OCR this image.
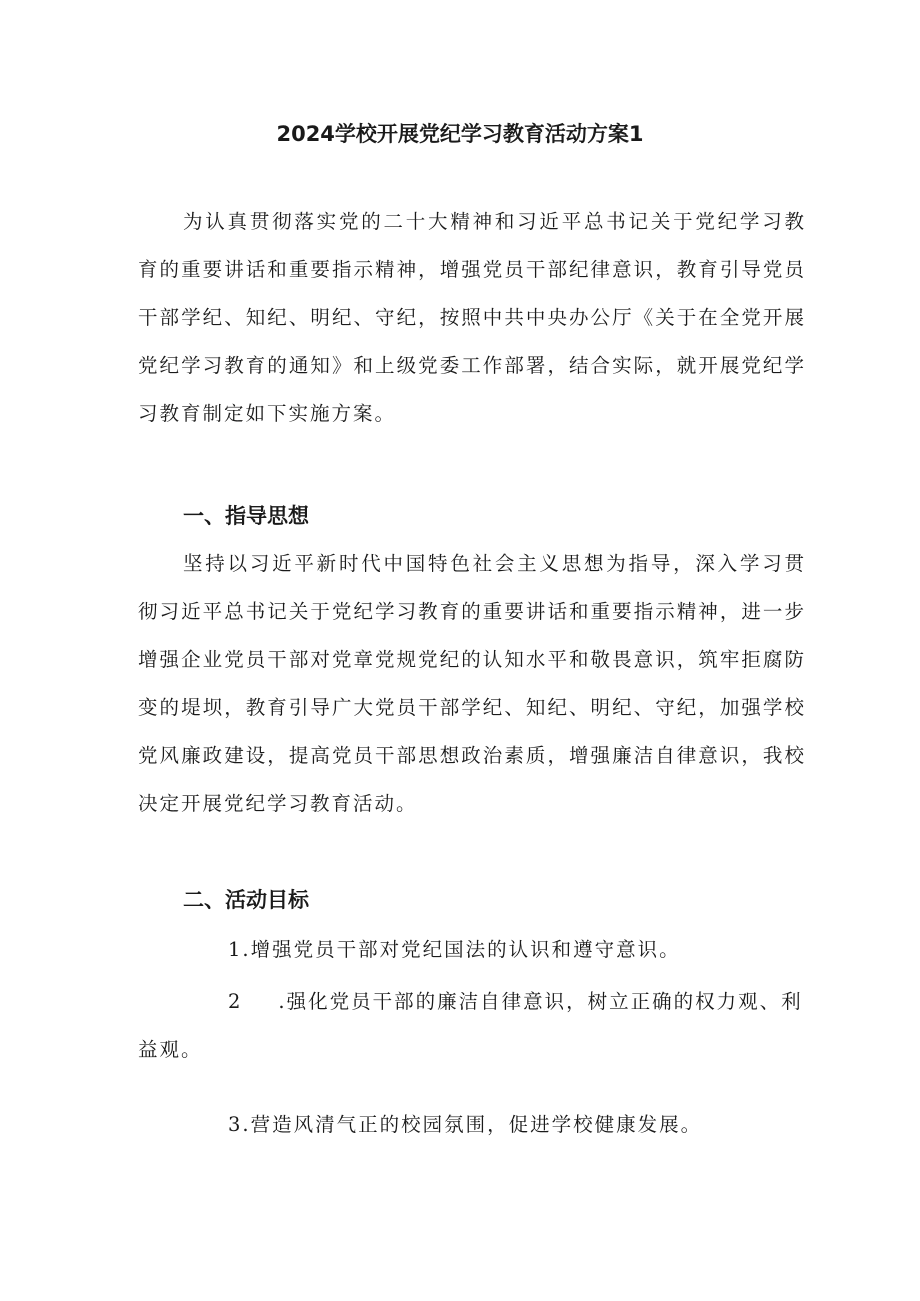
2024学校开展党纪学习教育活动方案1

为认真贯彻落实党的二十大精神和习近平总书记关于党纪学习教育的重要讲话和重要指示精神，增强党员干部纪律意识，教育引导党员干部学纪、知纪、明纪、守纪，按照中共中央办公厅《关于在全党开展党纪学习教育的通知》和上级党委工作部署，结合实际，就开展党纪学习教育制定如下实施方案。

一、指导思想

坚持以习近平新时代中国特色社会主义思想为指导，深入学习贯彻习近平总书记关于党纪学习教育的重要讲话和重要指示精神，进一步增强企业党员干部对党章党规党纪的认知水平和敬畏意识，筑牢拒腐防变的堤坝，教育引导广大党员干部学纪、知纪、明纪、守纪，加强学校党风廉政建设，提高党员干部思想政治素质，增强廉洁自律意识，我校决定开展党纪学习教育活动。

二、活动目标

1.增强党员干部对党纪国法的认识和遵守意识。

2 .强化党员干部的廉洁自律意识，树立正确的权力观、利益观。

3.营造风清气正的校园氛围，促进学校健康发展。
